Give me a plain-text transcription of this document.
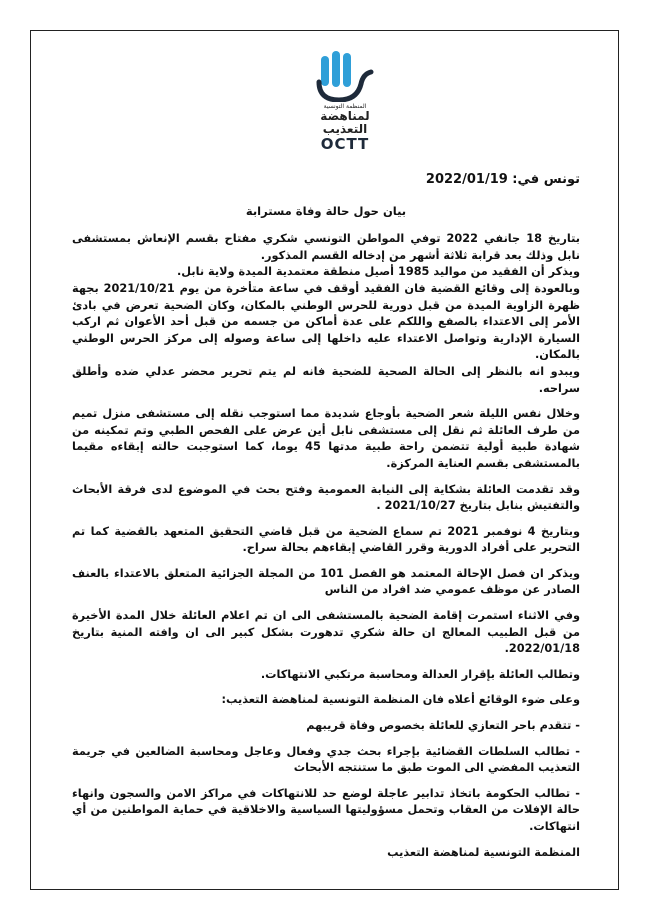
المنظمة التونسية
لمناهضة
التعذيب
OCTT

تونس في: 2022/01/19

بيان حول حالة وفاة مسترابة

بتاريخ 18 جانفي 2022 توفي المواطن التونسي شكري مفتاح بقسم الإنعاش بمستشفى نابل وذلك بعد قرابة ثلاثة أشهر من إدخاله القسم المذكور.

ويذكر أن الفقيد من مواليد 1985 أصيل منطقة معتمدية الميدة ولاية نابل.

وبالعودة إلى وقائع القضية فان الفقيد أوقف في ساعة متأخرة من يوم 2021/10/21 بجهة ظهرة الزاوية الميدة من قبل دورية للحرس الوطني بالمكان، وكان الضحية تعرض في بادئ الأمر إلى الاعتداء بالصفع واللكم على عدة أماكن من جسمه من قبل أحد الأعوان ثم اركب السيارة الإدارية وتواصل الاعتداء عليه داخلها إلى ساعة وصوله إلى مركز الحرس الوطني بالمكان.

ويبدو انه بالنظر إلى الحالة الصحية للضحية فانه لم يتم تحرير محضر عدلي ضده وأطلق سراحه.

وخلال نفس الليلة شعر الضحية بأوجاع شديدة مما استوجب نقله إلى مستشفى منزل تميم من طرف العائلة ثم نقل إلى مستشفى نابل أين عرض على الفحص الطبي وتم تمكينه من شهادة طبية أولية تتضمن راحة طبية مدتها 45 يوما، كما استوجبت حالته إبقاءه مقيما بالمستشفى بقسم العناية المركزة.

وقد تقدمت العائلة بشكاية إلى النيابة العمومية وفتح بحث في الموضوع لدى فرقة الأبحاث والتفتيش بنابل بتاريخ 2021/10/27 .

وبتاريخ 4 نوفمبر 2021 تم سماع الضحية من قبل قاضي التحقيق المتعهد بالقضية كما تم التحرير على أفراد الدورية وقرر القاضي إبقاءهم بحالة سراح.

ويذكر ان فصل الإحالة المعتمد هو الفصل 101 من المجلة الجزائية المتعلق بالاعتداء بالعنف الصادر عن موظف عمومي ضد افراد من الناس

وفي الاثناء استمرت إقامة الضحية بالمستشفى الى ان تم اعلام العائلة خلال المدة الأخيرة من قبل الطبيب المعالج ان حالة شكري تدهورت بشكل كبير الى ان وافته المنية بتاريخ 2022/01/18.

وتطالب العائلة بإقرار العدالة ومحاسبة مرتكبي الانتهاكات.

وعلى ضوء الوقائع أعلاه فان المنظمة التونسية لمناهضة التعذيب:

- تتقدم باحر التعازي للعائلة بخصوص وفاة قريبهم

- تطالب السلطات القضائية بإجراء بحث جدي وفعال وعاجل ومحاسبة الضالعين في جريمة التعذيب المفضي الى الموت طبق ما ستنتجه الأبحاث

- تطالب الحكومة باتخاذ تدابير عاجلة لوضع حد للانتهاكات في مراكز الامن والسجون وانهاء حالة الإفلات من العقاب وتحمل مسؤوليتها السياسية والاخلاقية في حماية المواطنين من أي انتهاكات.

المنظمة التونسية لمناهضة التعذيب
